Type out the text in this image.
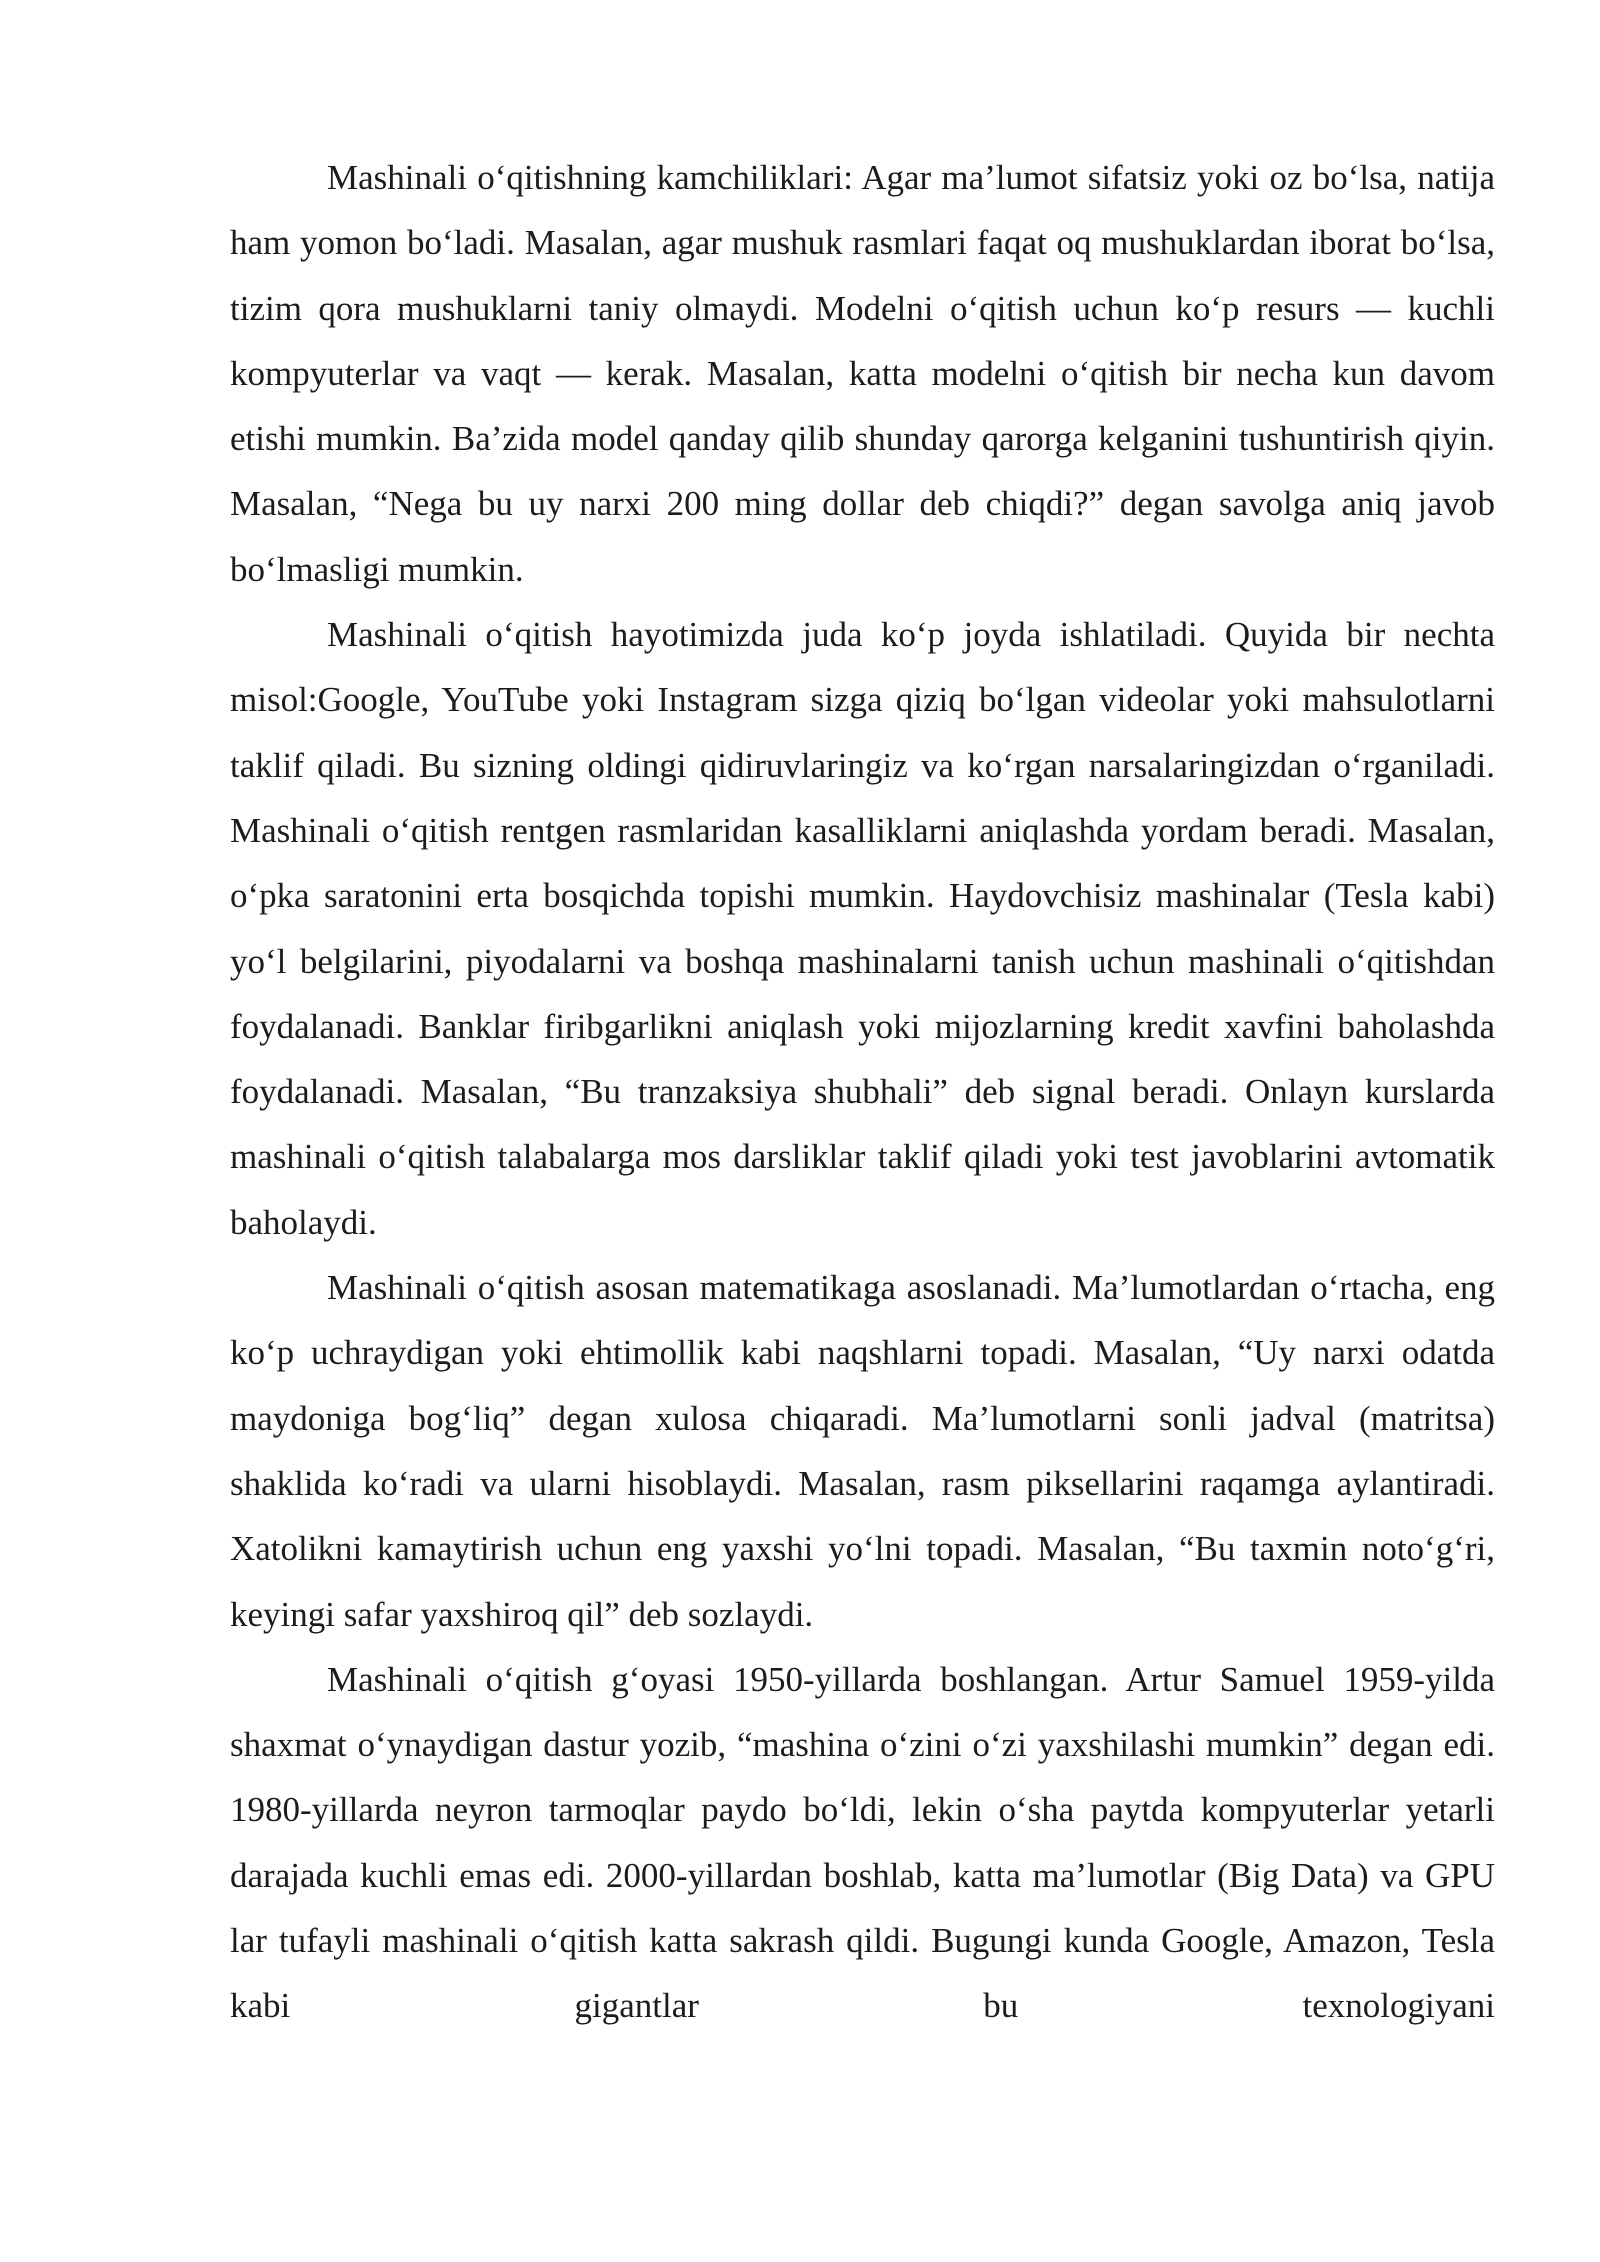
Mashinali o‘qitishning kamchiliklari: Agar ma’lumot sifatsiz yoki oz bo‘lsa, natija ham yomon bo‘ladi. Masalan, agar mushuk rasmlari faqat oq mushuklardan iborat bo‘lsa, tizim qora mushuklarni taniy olmaydi. Modelni o‘qitish uchun ko‘p resurs — kuchli kompyuterlar va vaqt — kerak. Masalan, katta modelni o‘qitish bir necha kun davom etishi mumkin. Ba’zida model qanday qilib shunday qarorga kelganini tushuntirish qiyin. Masalan, “Nega bu uy narxi 200 ming dollar deb chiqdi?” degan savolga aniq javob bo‘lmasligi mumkin.

Mashinali o‘qitish hayotimizda juda ko‘p joyda ishlatiladi. Quyida bir nechta misol:Google, YouTube yoki Instagram sizga qiziq bo‘lgan videolar yoki mahsulotlarni taklif qiladi. Bu sizning oldingi qidiruvlaringiz va ko‘rgan narsalaringizdan o‘rganiladi. Mashinali o‘qitish rentgen rasmlaridan kasalliklarni aniqlashda yordam beradi. Masalan, o‘pka saratonini erta bosqichda topishi mumkin. Haydovchisiz mashinalar (Tesla kabi) yo‘l belgilarini, piyodalarni va boshqa mashinalarni tanish uchun mashinali o‘qitishdan foydalanadi. Banklar firibgarlikni aniqlash yoki mijozlarning kredit xavfini baholashda foydalanadi. Masalan, “Bu tranzaksiya shubhali” deb signal beradi. Onlayn kurslarda mashinali o‘qitish talabalarga mos darsliklar taklif qiladi yoki test javoblarini avtomatik baholaydi.

Mashinali o‘qitish asosan matematikaga asoslanadi. Ma’lumotlardan o‘rtacha, eng ko‘p uchraydigan yoki ehtimollik kabi naqshlarni topadi. Masalan, “Uy narxi odatda maydoniga bog‘liq” degan xulosa chiqaradi. Ma’lumotlarni sonli jadval (matritsa) shaklida ko‘radi va ularni hisoblaydi. Masalan, rasm piksellarini raqamga aylantiradi. Xatolikni kamaytirish uchun eng yaxshi yo‘lni topadi. Masalan, “Bu taxmin noto‘g‘ri, keyingi safar yaxshiroq qil” deb sozlaydi.

Mashinali o‘qitish g‘oyasi 1950-yillarda boshlangan. Artur Samuel 1959-yilda shaxmat o‘ynaydigan dastur yozib, “mashina o‘zini o‘zi yaxshilashi mumkin” degan edi. 1980-yillarda neyron tarmoqlar paydo bo‘ldi, lekin o‘sha paytda kompyuterlar yetarli darajada kuchli emas edi. 2000-yillardan boshlab, katta ma’lumotlar (Big Data) va GPU lar tufayli mashinali o‘qitish katta sakrash qildi. Bugungi kunda Google, Amazon, Tesla kabi gigantlar bu texnologiyani
